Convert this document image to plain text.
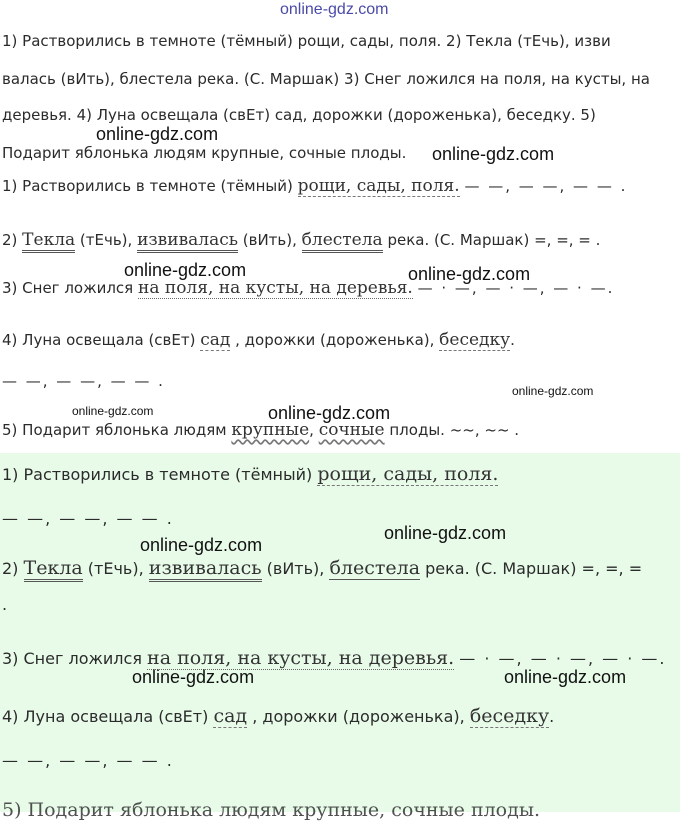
online-gdz.com
1) Растворились в темноте (тёмный) рощи, сады, поля. 2) Текла (тЕчь), изви
валась (вИть), блестела река. (С. Маршак) 3) Снег ложился на поля, на кусты, на
деревья. 4) Луна освещала (свЕт) сад, дорожки (дороженька), беседку. 5)
Подарит яблонька людям крупные, сочные плоды.
online-gdz.com
online-gdz.com
1) Растворились в темноте (тёмный) рощи, сады, поля. — —, — —, — — .
2) Текла (тЕчь), извивалась (вИть), блестела река. (С. Маршак) =, =, = .
online-gdz.com	online-gdz.com
3) Снег ложился на поля, на кусты, на деревья. — · —, — · —, — · —.
4) Луна освещала (свЕт) сад , дорожки (дороженька), беседку.
— —, — —, — — .
online-gdz.com
online-gdz.com	online-gdz.com
5) Подарит яблонька людям крупные, сочные плоды. ~~, ~~ .
1) Растворились в темноте (тёмный) рощи, сады, поля.
— —, — —, — — .
online-gdz.com
online-gdz.com
2) Текла (тЕчь), извивалась (вИть), блестела река. (С. Маршак) =, =, =
.
3) Снег ложился на поля, на кусты, на деревья. — · —, — · —, — · —.
online-gdz.com	online-gdz.com
4) Луна освещала (свЕт) сад , дорожки (дороженька), беседку.
— —, — —, — — .
5) Подарит яблонька людям крупные, сочные плоды.
